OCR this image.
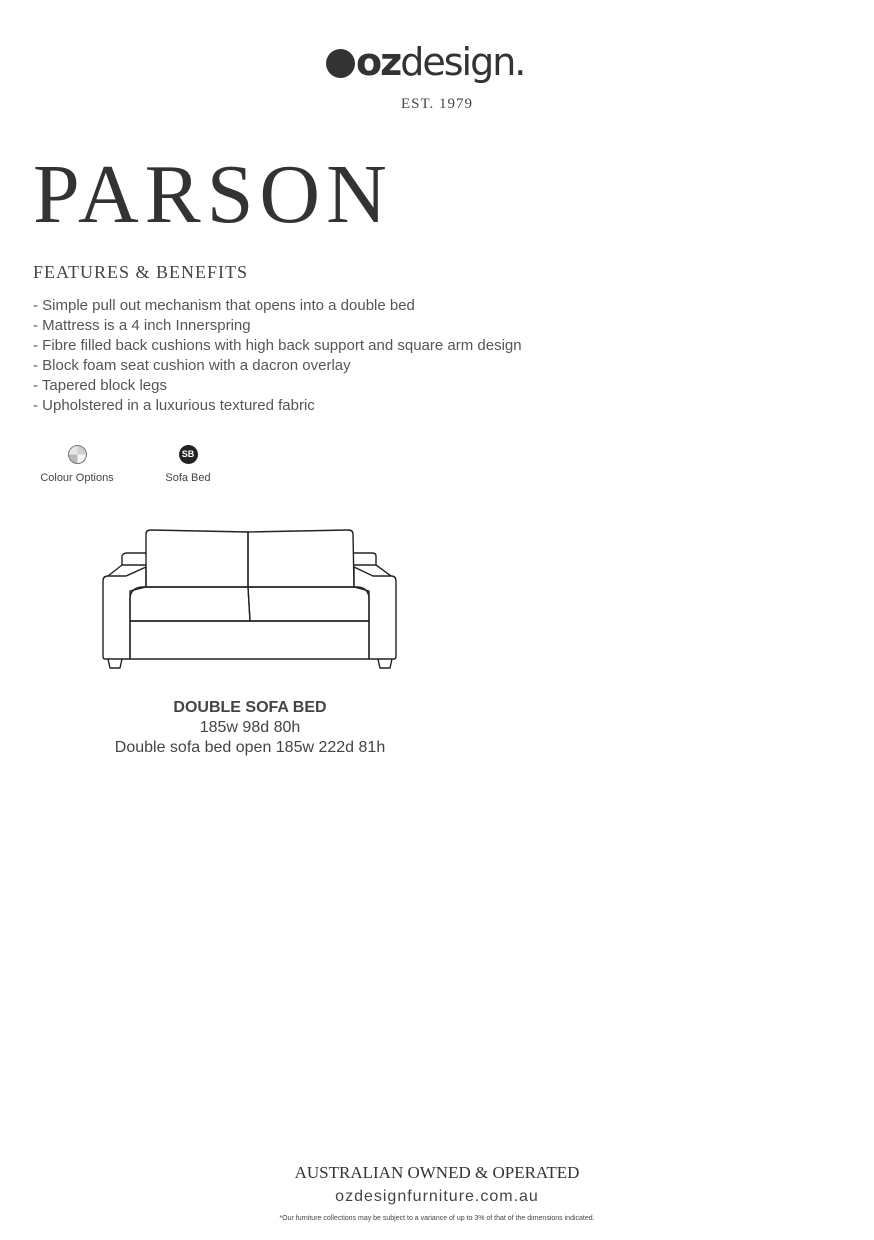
ozdesign.
EST. 1979
PARSON
FEATURES & BENEFITS
- Simple pull out mechanism that opens into a double bed
- Mattress is a 4 inch Innerspring
- Fibre filled back cushions with high back support and square arm design
- Block foam seat cushion with a dacron overlay
- Tapered block legs
- Upholstered in a luxurious textured fabric
Colour Options
SB
Sofa Bed
DOUBLE SOFA BED
185w 98d 80h
Double sofa bed open 185w 222d 81h
AUSTRALIAN OWNED & OPERATED
ozdesignfurniture.com.au
*Our furniture collections may be subject to a variance of up to 3% of that of the dimensions indicated.
